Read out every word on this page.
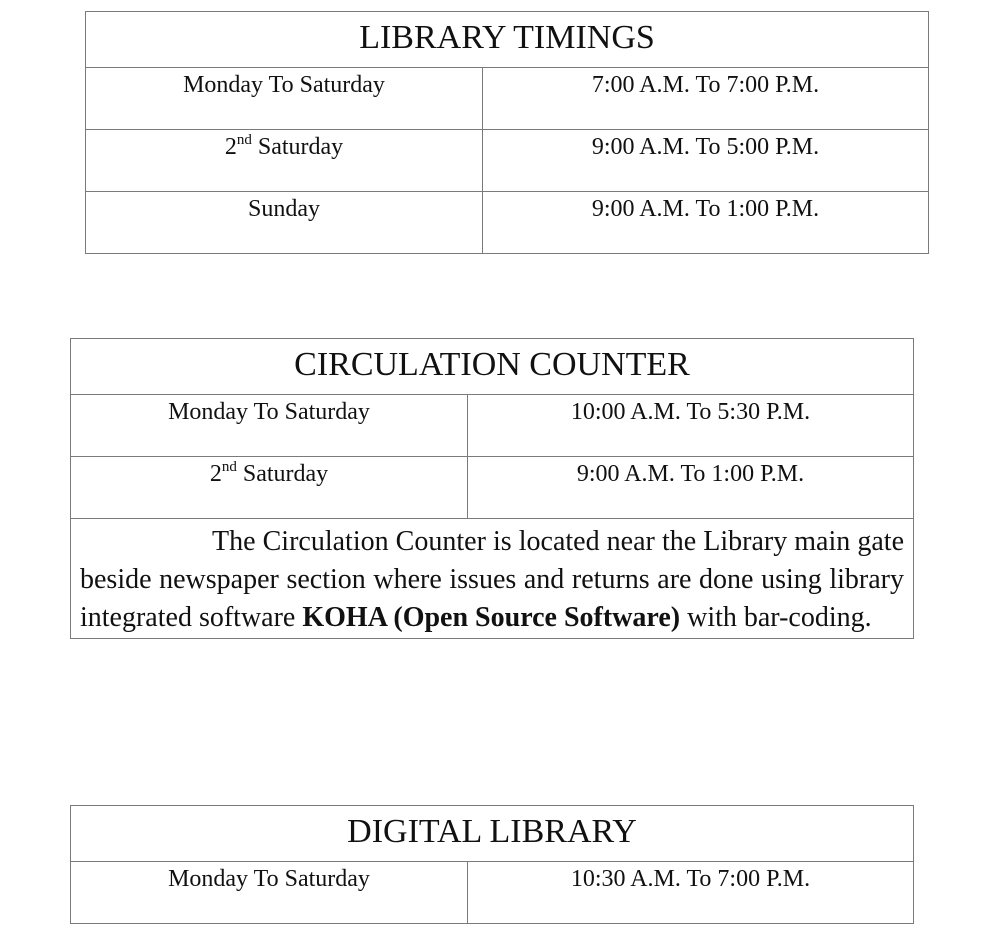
LIBRARY TIMINGS	
Monday To Saturday	7:00 A.M. To 7:00 P.M.
2nd Saturday	9:00 A.M. To 5:00 P.M.
Sunday	9:00 A.M. To 1:00 P.M.
CIRCULATION COUNTER	
Monday To Saturday	10:00 A.M. To 5:30 P.M.
2nd Saturday	9:00 A.M. To 1:00 P.M.
The Circulation Counter is located near the Library main gate beside newspaper section where issues and returns are done using library integrated software KOHA (Open Source Software) with bar-coding.	
DIGITAL LIBRARY
Monday To Saturday	10:30 A.M. To 7:00 P.M.
